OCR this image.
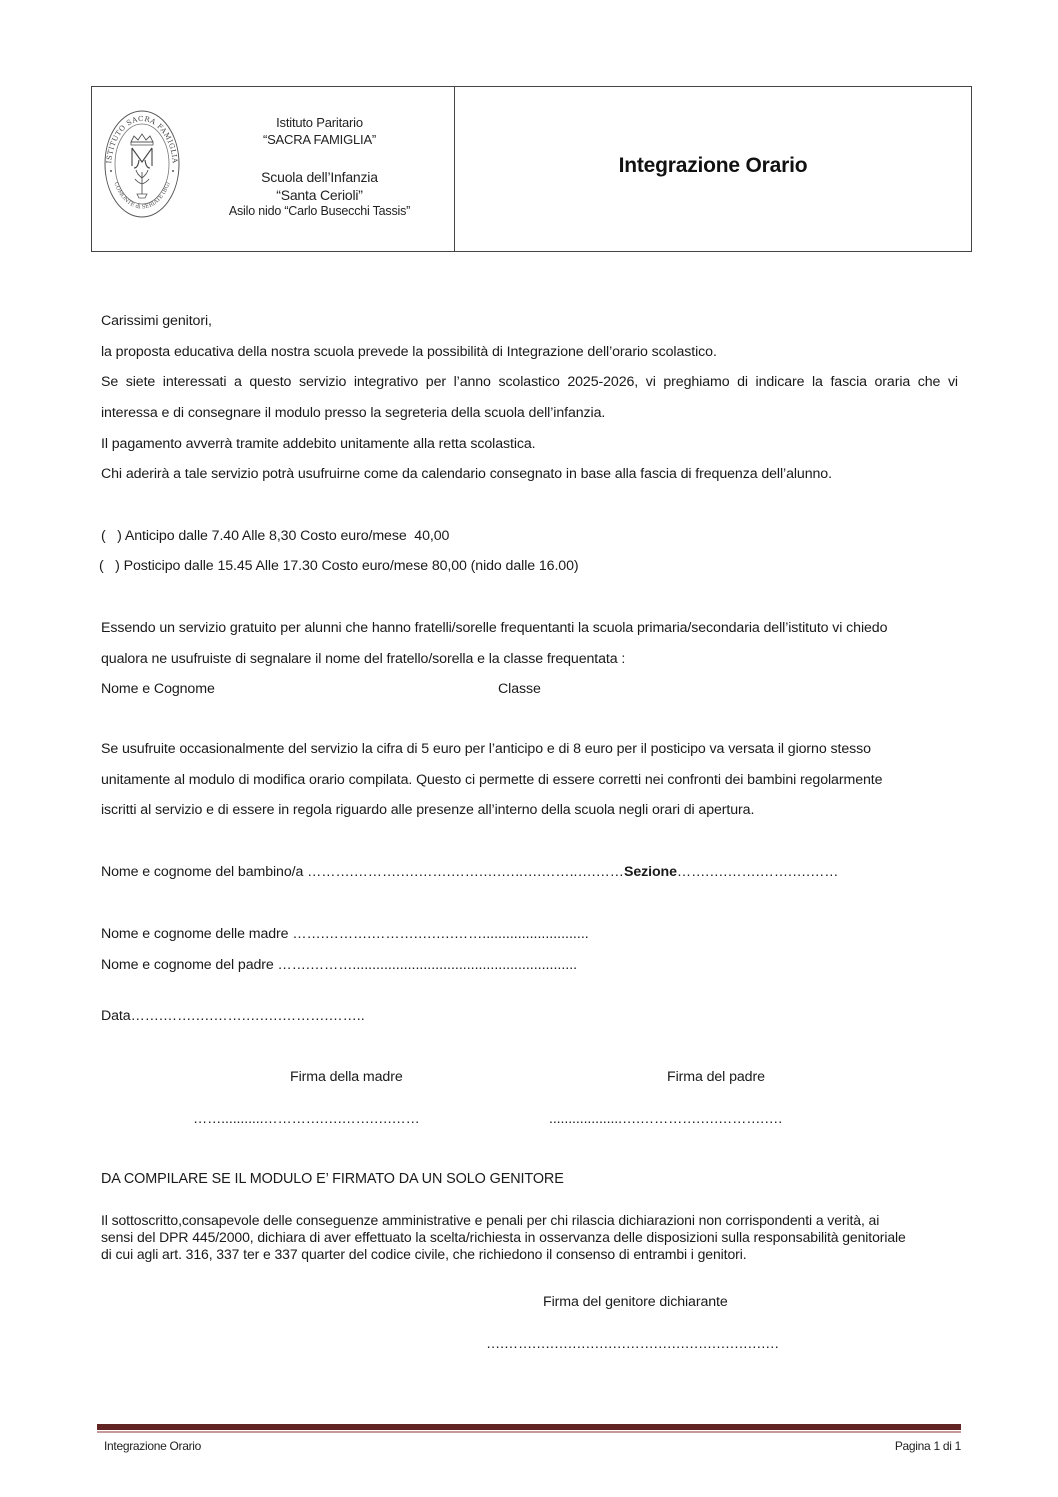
ISTITUTO SACRA FAMIGLIA
COMONTE di SERIATE (BG)
Istituto Paritario
“SACRA FAMIGLIA”
Scuola dell’Infanzia
“Santa Cerioli”
Asilo nido “Carlo Busecchi Tassis”
Integrazione Orario
Carissimi genitori,
la proposta educativa della nostra scuola prevede la possibilità di Integrazione dell’orario scolastico.
Se siete interessati a questo servizio integrativo per l’anno scolastico 2025-2026, vi preghiamo di indicare la fascia oraria che vi
interessa e di consegnare il modulo presso la segreteria della scuola dell’infanzia.
Il pagamento avverrà tramite addebito unitamente alla retta scolastica.
Chi aderirà a tale servizio potrà usufruirne come da calendario consegnato in base alla fascia di frequenza dell’alunno.
(   ) Anticipo dalle 7.40 Alle 8,30 Costo euro/mese  40,00
(   ) Posticipo dalle 15.45 Alle 17.30 Costo euro/mese 80,00 (nido dalle 16.00)
Essendo un servizio gratuito per alunni che hanno fratelli/sorelle frequentanti la scuola primaria/secondaria dell’istituto vi chiedo
qualora ne usufruiste di segnalare il nome del fratello/sorella e la classe frequentata :
Nome e Cognome	Classe
Se usufruite occasionalmente del servizio la cifra di 5 euro per l’anticipo e di 8 euro per il posticipo va versata il giorno stesso
unitamente al modulo di modifica orario compilata. Questo ci permette di essere corretti nei confronti dei bambini regolarmente
iscritti al servizio e di essere in regola riguardo alle presenze all’interno della scuola negli orari di apertura.
Nome e cognome del bambino/a ……….……….….…….…….….…..….……..….……Sezione…….….…….…….….……
Nome e cognome delle madre …….……….……….….….……...........................
Nome e cognome del padre …….……….........................................................
Data…….…….….…….….….……….……..
Firma della madre	Firma del padre
……...........………….….…….….……	...................….………….….……….….
DA COMPILARE SE IL MODULO E’ FIRMATO DA UN SOLO GENITORE
Il sottoscritto,consapevole delle conseguenze amministrative e penali per chi rilascia dichiarazioni non corrispondenti a verità, ai
sensi del DPR 445/2000, dichiara di aver effettuato la scelta/richiesta in osservanza delle disposizioni sulla responsabilità genitoriale
di cui agli art. 316, 337 ter e 337 quarter del codice civile, che richiedono il consenso di entrambi i genitori.
Firma del genitore dichiarante
….…….….….….….….…….….….….….….….…
Integrazione Orario	Pagina 1 di 1
